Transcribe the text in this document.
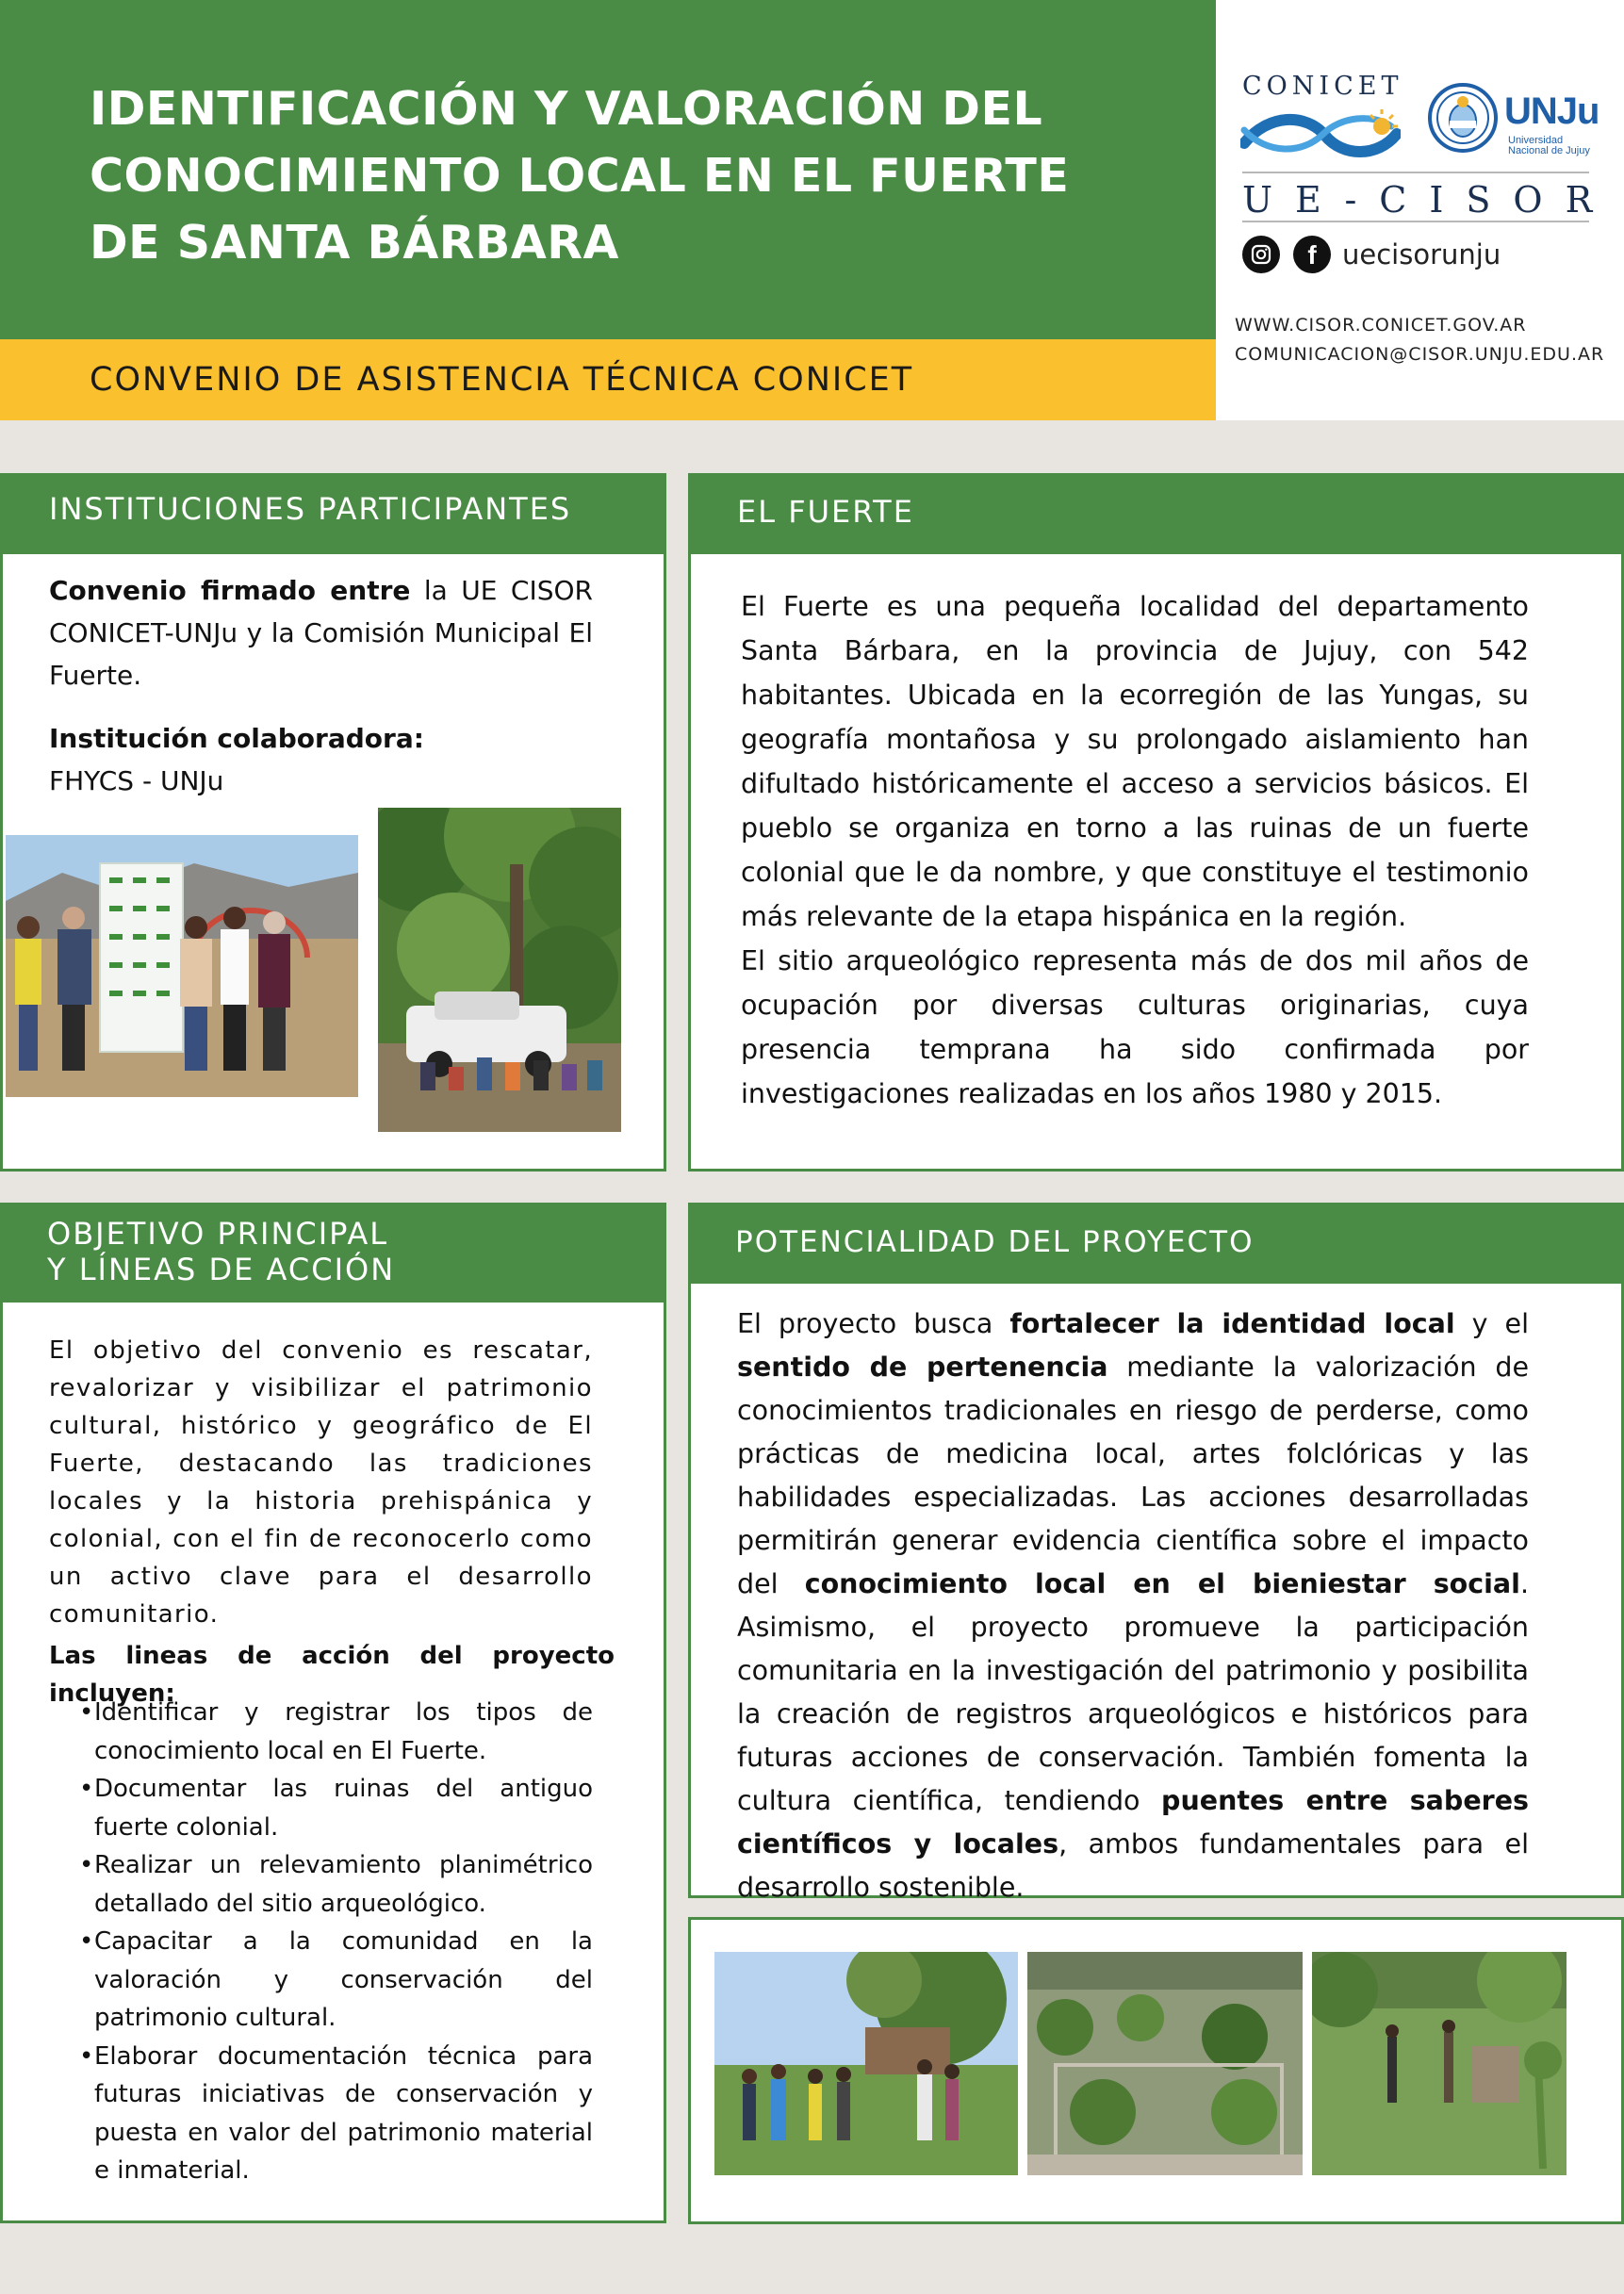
IDENTIFICACIÓN Y VALORACIÓN DEL
CONOCIMIENTO LOCAL EN EL FUERTE
DE SANTA BÁRBARA
CONVENIO DE ASISTENCIA TÉCNICA CONICET
CONICET
UNJu
Universidad
Nacional de Jujuy
UE-CISOR
f uecisorunju
WWW.CISOR.CONICET.GOV.AR
COMUNICACION@CISOR.UNJU.EDU.AR
INSTITUCIONES PARTICIPANTES

Convenio firmado entre la UE CISOR CONICET-UNJu y la Comisión Municipal El Fuerte.

Institución colaboradora:

FHYCS - UNJu

EL FUERTE

El Fuerte es una pequeña localidad del departamento Santa Bárbara, en la provincia de Jujuy, con 542 habitantes. Ubicada en la ecorregión de las Yungas, su geografía montañosa y su prolongado aislamiento han difultado históricamente el acceso a servicios básicos. El pueblo se organiza en torno a las ruinas de un fuerte colonial que le da nombre, y que constituye el testimonio más relevante de la etapa hispánica en la región.

El sitio arqueológico representa más de dos mil años de ocupación por diversas culturas originarias, cuya presencia temprana ha sido confirmada por investigaciones realizadas en los años 1980 y 2015.

OBJETIVO PRINCIPAL
Y LÍNEAS DE ACCIÓN
El objetivo del convenio es rescatar, revalorizar y visibilizar el patrimonio cultural, histórico y geográfico de El Fuerte, destacando las tradiciones locales y la historia prehispánica y colonial, con el fin de reconocerlo como un activo clave para el desarrollo comunitario.
Las lineas de acción del proyecto incluyen:
• Identificar y registrar los tipos de conocimiento local en El Fuerte.
• Documentar las ruinas del antiguo fuerte colonial.
• Realizar un relevamiento planimétrico detallado del sitio arqueológico.
• Capacitar a la comunidad en la valoración y conservación del patrimonio cultural.
• Elaborar documentación técnica para futuras iniciativas de conservación y puesta en valor del patrimonio material e inmaterial.
POTENCIALIDAD DEL PROYECTO
El proyecto busca fortalecer la identidad local y el sentido de pertenencia mediante la valorización de conocimientos tradicionales en riesgo de perderse, como prácticas de medicina local, artes folclóricas y las habilidades especializadas. Las acciones desarrolladas permitirán generar evidencia científica sobre el impacto del conocimiento local en el bieniestar social. Asimismo, el proyecto promueve la participación comunitaria en la investigación del patrimonio y posibilita la creación de registros arqueológicos e históricos para futuras acciones de conservación. También fomenta la cultura científica, tendiendo puentes entre saberes científicos y locales, ambos fundamentales para el desarrollo sostenible.
